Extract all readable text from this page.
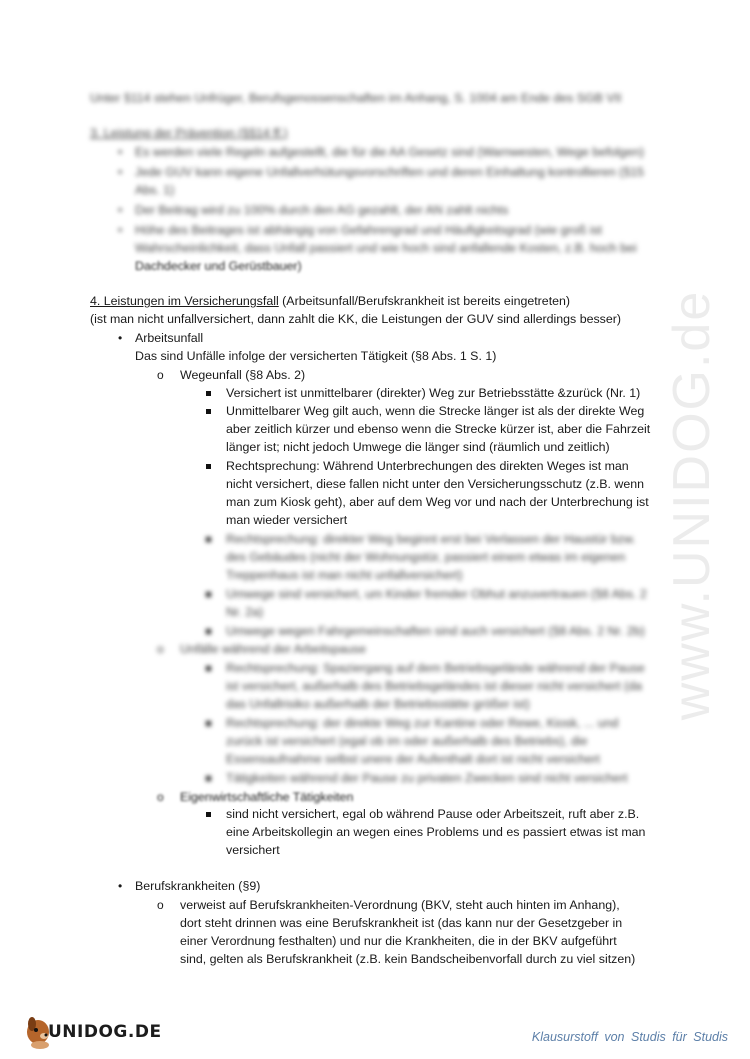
www.UNIDOG.de
Unter §114 stehen Unfrüger, Berufsgenossenschaften im Anhang, S. 1004 am Ende des SGB VII
3. Leistung der Prävention (§§14 ff.)
• Es werden viele Regeln aufgestellt, die für die AA Gesetz sind (Warnwesten, Wege befolgen)
• Jede GUV kann eigene Unfallverhütungsvorschriften und deren Einhaltung kontrollieren (§15
Abs. 1)
• Der Beitrag wird zu 100% durch den AG gezahlt, der AN zahlt nichts
• Höhe des Beitrages ist abhängig von Gefahrengrad und Häufigkeitsgrad (wie groß ist
Wahrscheinlichkeit, dass Unfall passiert und wie hoch sind anfallende Kosten, z.B. hoch bei
Dachdecker und Gerüstbauer)
4. Leistungen im Versicherungsfall (Arbeitsunfall/Berufskrankheit ist bereits eingetreten)
(ist man nicht unfallversichert, dann zahlt die KK, die Leistungen der GUV sind allerdings besser)
• Arbeitsunfall
Das sind Unfälle infolge der versicherten Tätigkeit (§8 Abs. 1 S. 1)
o Wegeunfall (§8 Abs. 2)
Versichert ist unmittelbarer (direkter) Weg zur Betriebsstätte &zurück (Nr. 1)
Unmittelbarer Weg gilt auch, wenn die Strecke länger ist als der direkte Weg
aber zeitlich kürzer und ebenso wenn die Strecke kürzer ist, aber die Fahrzeit
länger ist; nicht jedoch Umwege die länger sind (räumlich und zeitlich)
Rechtsprechung: Während Unterbrechungen des direkten Weges ist man
nicht versichert, diese fallen nicht unter den Versicherungsschutz (z.B. wenn
man zum Kiosk geht), aber auf dem Weg vor und nach der Unterbrechung ist
man wieder versichert
Rechtsprechung: direkter Weg beginnt erst bei Verlassen der Haustür bzw.
des Gebäudes (nicht der Wohnungstür, passiert einem etwas im eigenen
Treppenhaus ist man nicht unfallversichert)
Umwege sind versichert, um Kinder fremder Obhut anzuvertrauen (§8 Abs. 2
Nr. 2a)
Umwege wegen Fahrgemeinschaften sind auch versichert (§8 Abs. 2 Nr. 2b)
o Unfälle während der Arbeitspause
Rechtsprechung: Spaziergang auf dem Betriebsgelände während der Pause
ist versichert, außerhalb des Betriebsgeländes ist dieser nicht versichert (da
das Unfallrisiko außerhalb der Betriebsstätte größer ist)
Rechtsprechung: der direkte Weg zur Kantine oder Rewe, Kiosk, ... und
zurück ist versichert (egal ob im oder außerhalb des Betriebs), die
Essensaufnahme selbst unere der Aufenthalt dort ist nicht versichert
Tätigkeiten während der Pause zu privaten Zwecken sind nicht versichert
o Eigenwirtschaftliche Tätigkeiten
sind nicht versichert, egal ob während Pause oder Arbeitszeit, ruft aber z.B.
eine Arbeitskollegin an wegen eines Problems und es passiert etwas ist man
versichert
• Berufskrankheiten (§9)
o verweist auf Berufskrankheiten-Verordnung (BKV, steht auch hinten im Anhang),
dort steht drinnen was eine Berufskrankheit ist (das kann nur der Gesetzgeber in
einer Verordnung festhalten) und nur die Krankheiten, die in der BKV aufgeführt
sind, gelten als Berufskrankheit (z.B. kein Bandscheibenvorfall durch zu viel sitzen)
UNIDOG.DE	Klausurstoff von Studis für Studis
